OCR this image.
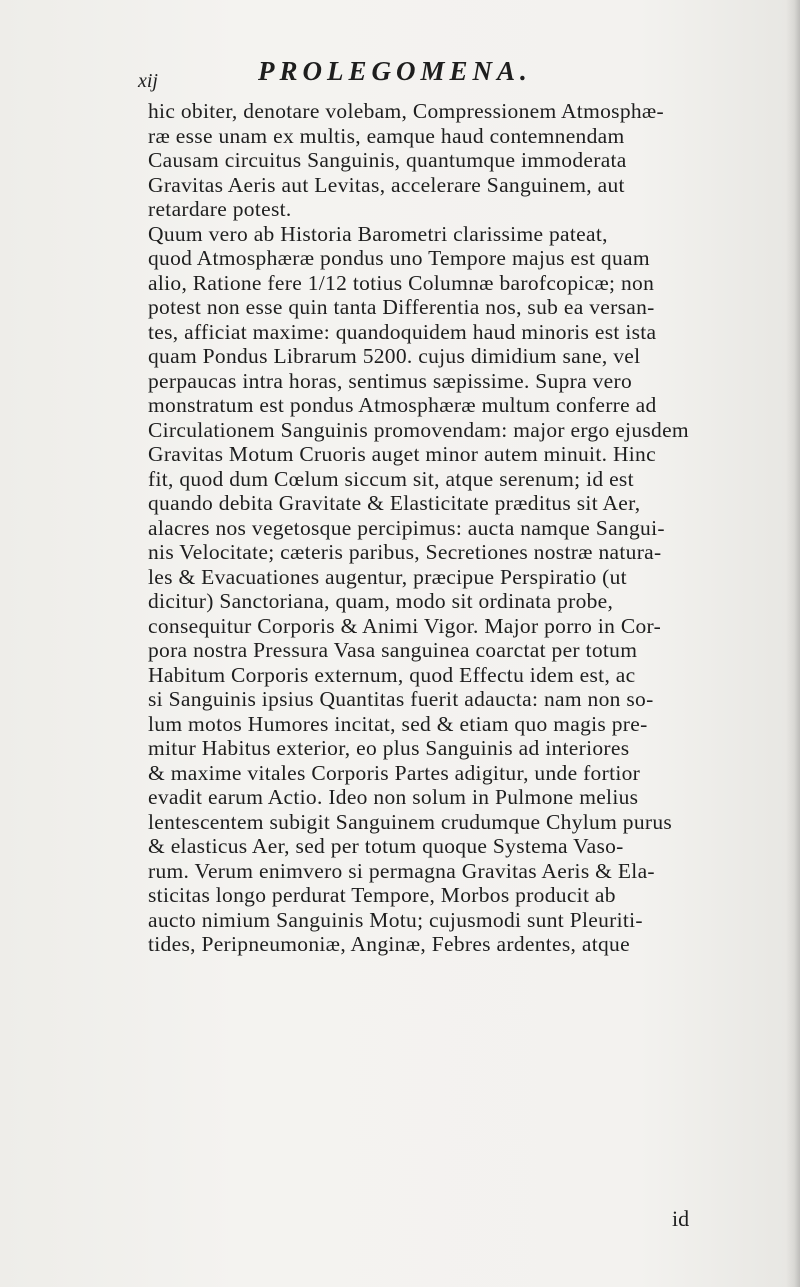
xij	PROLEGOMENA.
hic obiter, denotare volebam, Compressionem Atmosphæ-
ræ esse unam ex multis, eamque haud contemnendam
Causam circuitus Sanguinis, quantumque immoderata
Gravitas Aeris aut Levitas, accelerare Sanguinem, aut
retardare potest.
Quum vero ab Historia Barometri clarissime pateat,
quod Atmosphæræ pondus uno Tempore majus est quam
alio, Ratione fere 1/12 totius Columnæ barofcopicæ; non
potest non esse quin tanta Differentia nos, sub ea versan-
tes, afficiat maxime: quandoquidem haud minoris est ista
quam Pondus Librarum 5200. cujus dimidium sane, vel
perpaucas intra horas, sentimus sæpissime. Supra vero
monstratum est pondus Atmosphæræ multum conferre ad
Circulationem Sanguinis promovendam: major ergo ejusdem
Gravitas Motum Cruoris auget minor autem minuit. Hinc
fit, quod dum Cœlum siccum sit, atque serenum; id est
quando debita Gravitate & Elasticitate præditus sit Aer,
alacres nos vegetosque percipimus: aucta namque Sangui-
nis Velocitate; cæteris paribus, Secretiones nostræ natura-
les & Evacuationes augentur, præcipue Perspiratio (ut
dicitur) Sanctoriana, quam, modo sit ordinata probe,
consequitur Corporis & Animi Vigor. Major porro in Cor-
pora nostra Pressura Vasa sanguinea coarctat per totum
Habitum Corporis externum, quod Effectu idem est, ac
si Sanguinis ipsius Quantitas fuerit adaucta: nam non so-
lum motos Humores incitat, sed & etiam quo magis pre-
mitur Habitus exterior, eo plus Sanguinis ad interiores
& maxime vitales Corporis Partes adigitur, unde fortior
evadit earum Actio. Ideo non solum in Pulmone melius
lentescentem subigit Sanguinem crudumque Chylum purus
& elasticus Aer, sed per totum quoque Systema Vaso-
rum. Verum enimvero si permagna Gravitas Aeris & Ela-
sticitas longo perdurat Tempore, Morbos producit ab
aucto nimium Sanguinis Motu; cujusmodi sunt Pleuriti-
tides, Peripneumoniæ, Anginæ, Febres ardentes, atque
id
